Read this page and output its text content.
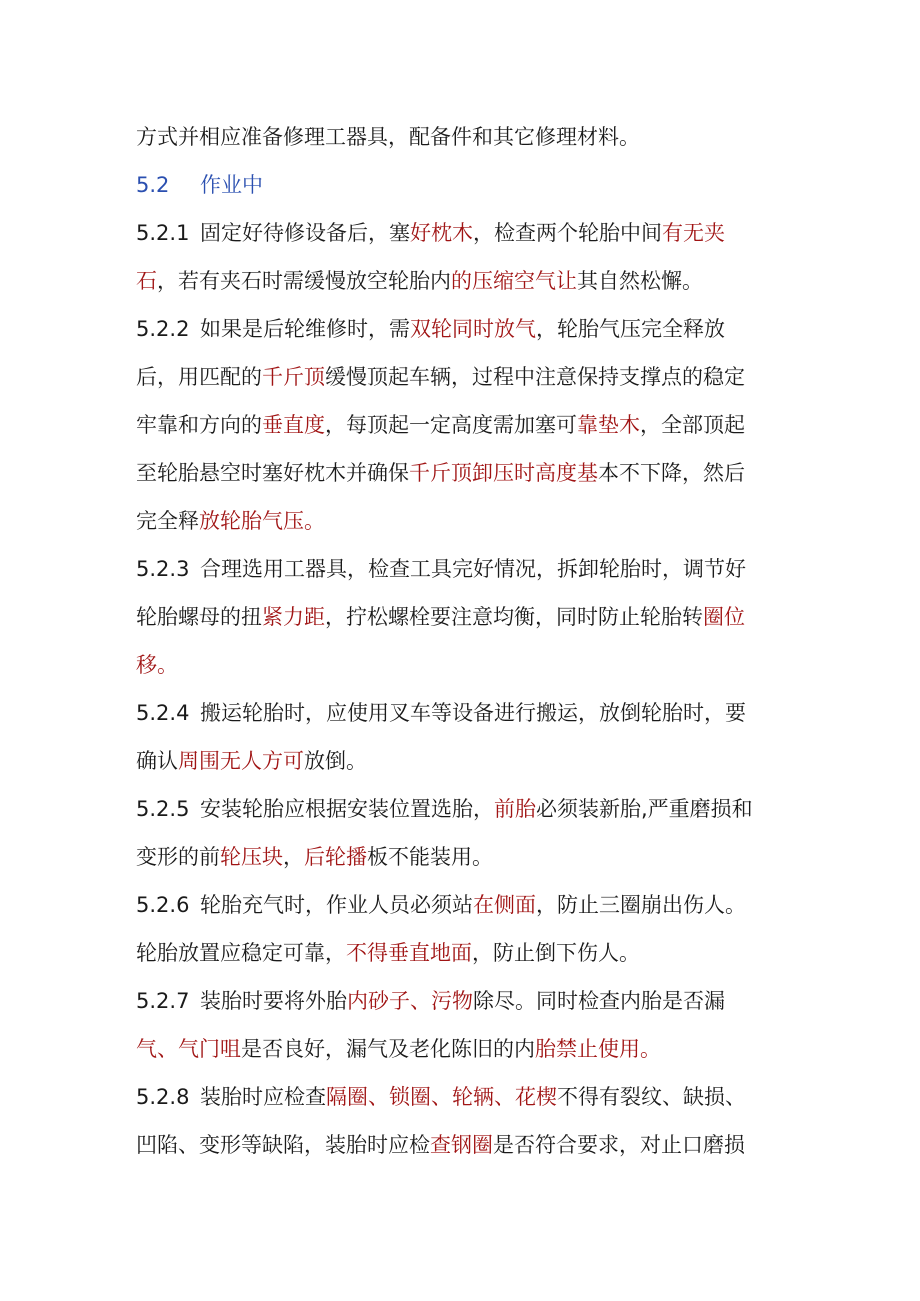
方式并相应准备修理工器具，配备件和其它修理材料。
5.2 作业中
5.2.1 固定好待修设备后，塞好枕木，检查两个轮胎中间有无夹
石，若有夹石时需缓慢放空轮胎内的压缩空气让其自然松懈。
5.2.2 如果是后轮维修时，需双轮同时放气，轮胎气压完全释放
后，用匹配的千斤顶缓慢顶起车辆，过程中注意保持支撑点的稳定
牢靠和方向的垂直度，每顶起一定高度需加塞可靠垫木，全部顶起
至轮胎悬空时塞好枕木并确保千斤顶卸压时高度基本不下降，然后
完全释放轮胎气压。
5.2.3 合理选用工器具，检查工具完好情况，拆卸轮胎时，调节好
轮胎螺母的扭紧力距，拧松螺栓要注意均衡，同时防止轮胎转圈位
移。
5.2.4 搬运轮胎时，应使用叉车等设备进行搬运，放倒轮胎时，要
确认周围无人方可放倒。
5.2.5 安装轮胎应根据安装位置选胎，前胎必须装新胎,严重磨损和
变形的前轮压块，后轮播板不能装用。
5.2.6 轮胎充气时，作业人员必须站在侧面，防止三圈崩出伤人。
轮胎放置应稳定可靠，不得垂直地面，防止倒下伤人。
5.2.7 装胎时要将外胎内砂子、污物除尽。同时检查内胎是否漏
气、气门咀是否良好，漏气及老化陈旧的内胎禁止使用。
5.2.8 装胎时应检查隔圈、锁圈、轮辆、花楔不得有裂纹、缺损、
凹陷、变形等缺陷，装胎时应检查钢圈是否符合要求，对止口磨损
